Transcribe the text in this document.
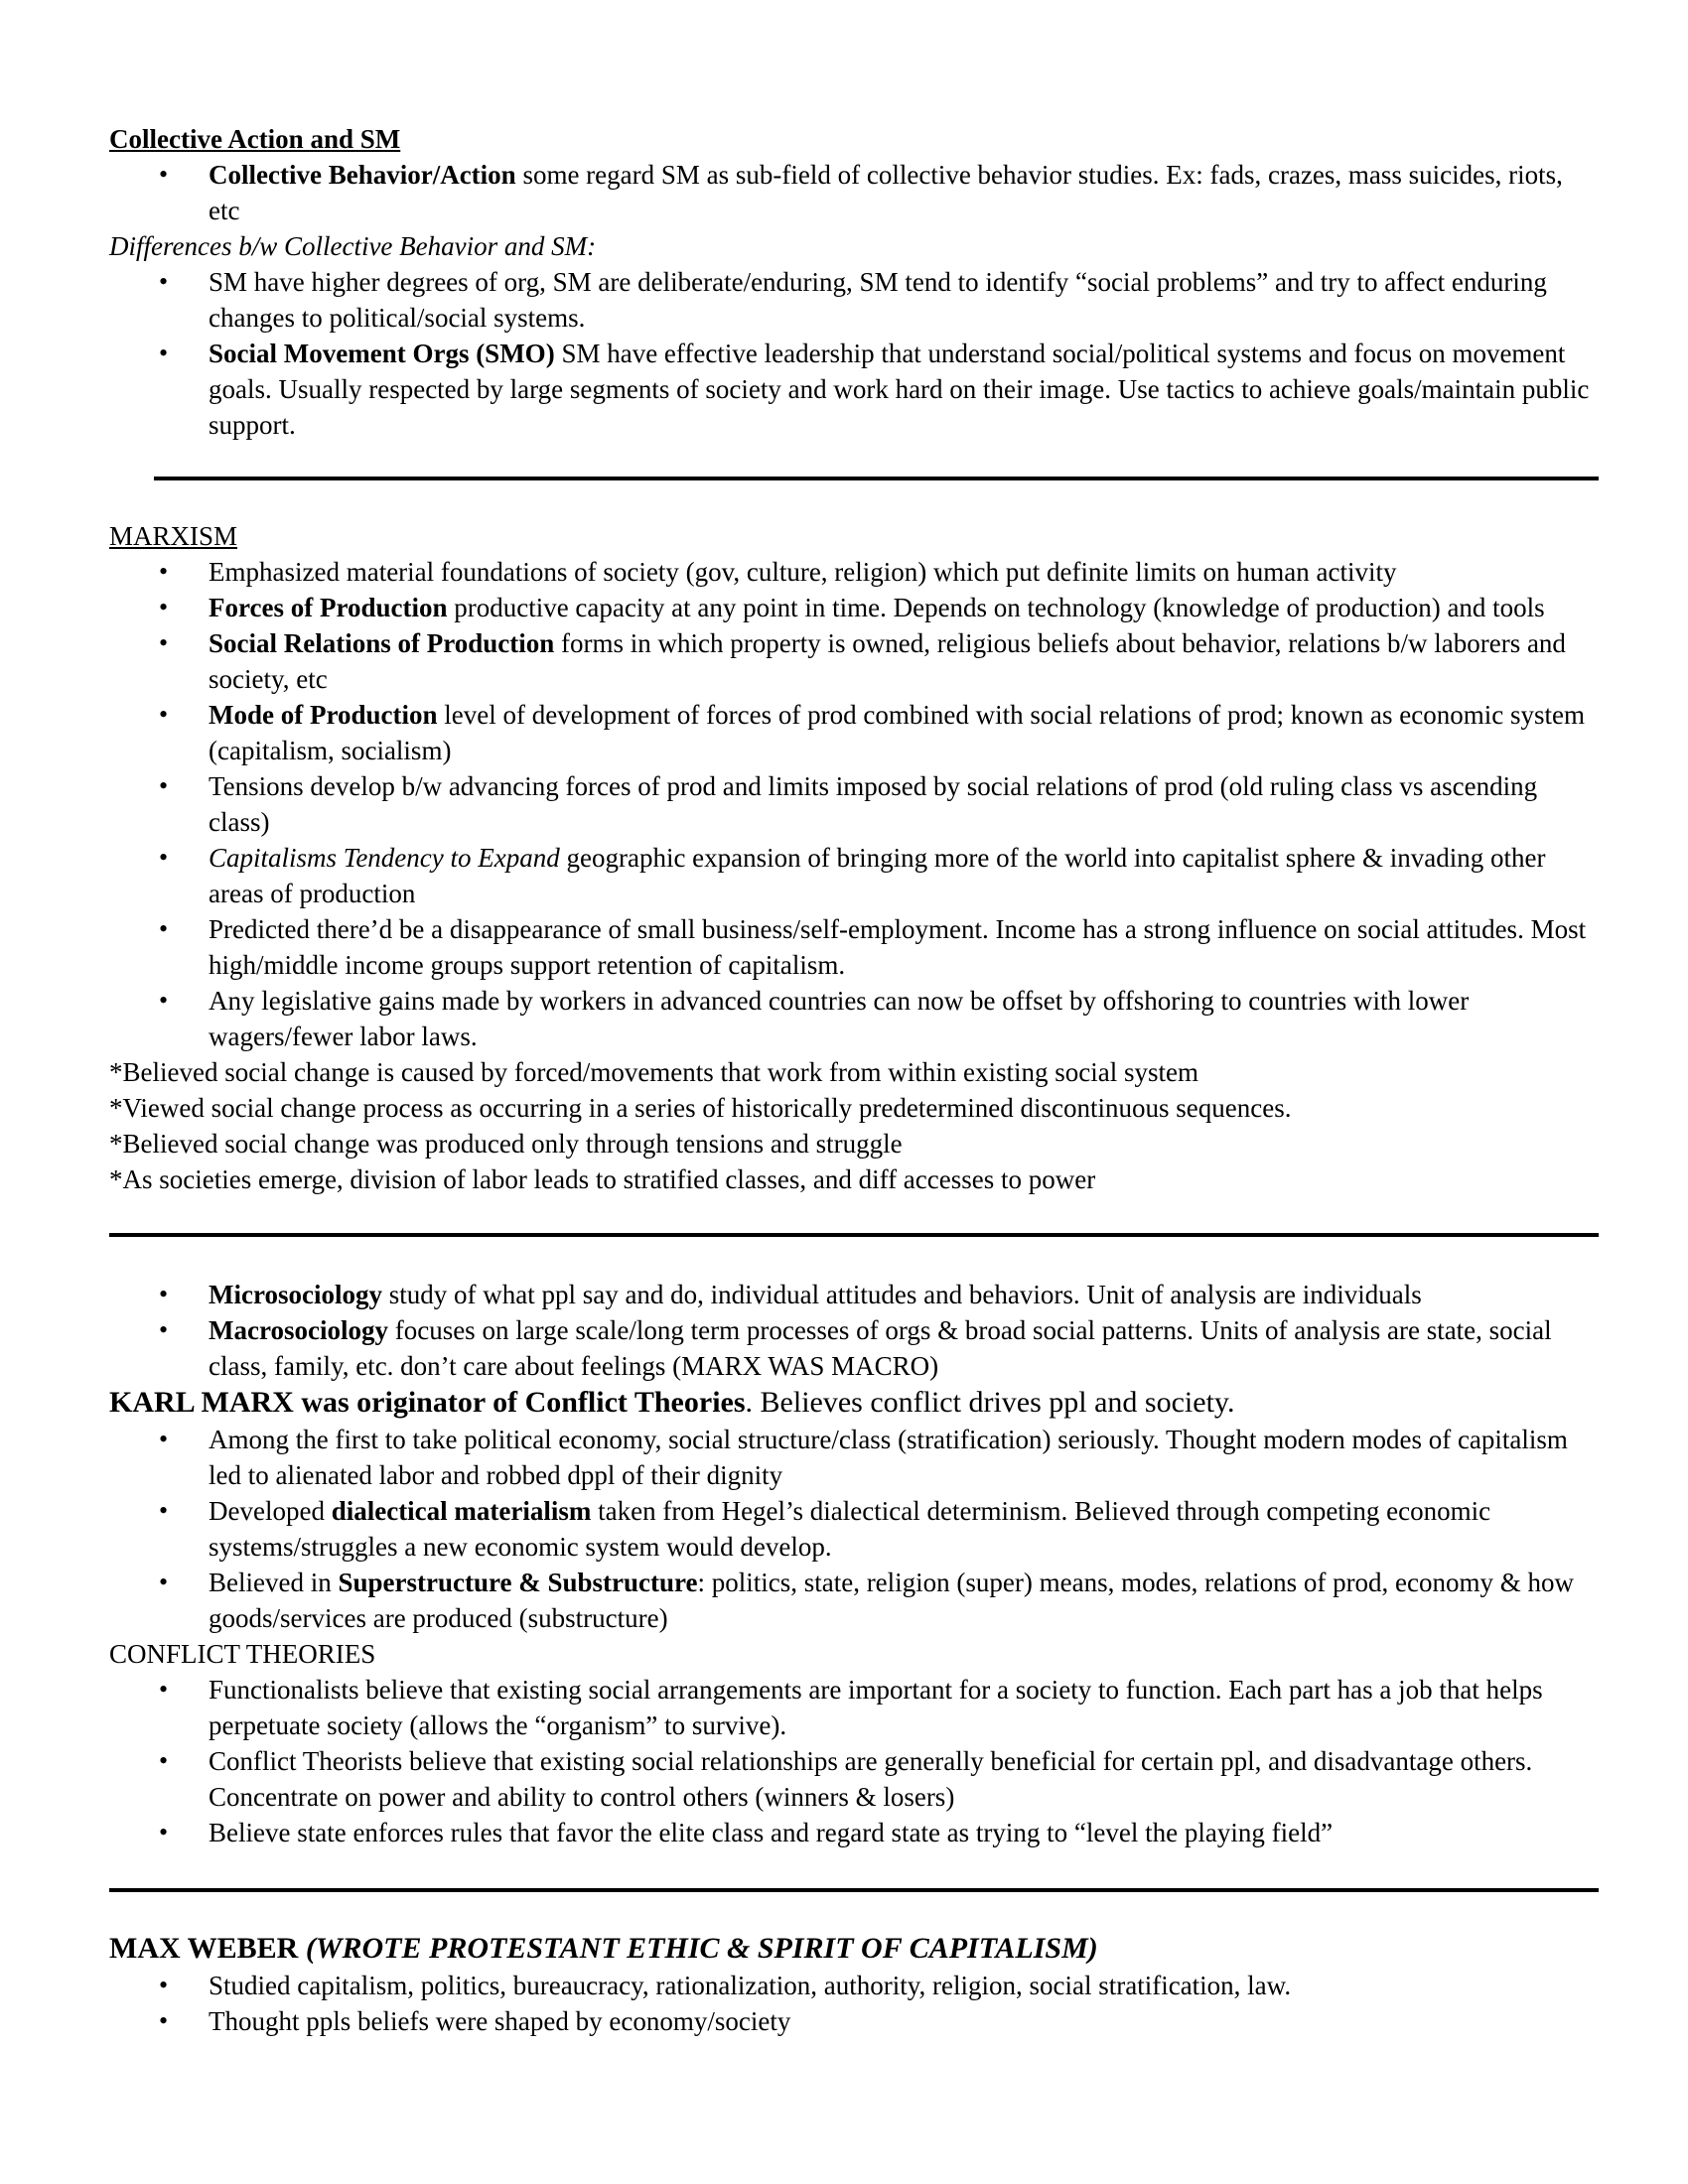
Collective Action and SM
• Collective Behavior/Action some regard SM as sub-field of collective behavior studies. Ex: fads, crazes, mass suicides, riots, etc
Differences b/w Collective Behavior and SM:
• SM have higher degrees of org, SM are deliberate/enduring, SM tend to identify “social problems” and try to affect enduring changes to political/social systems.
• Social Movement Orgs (SMO) SM have effective leadership that understand social/political systems and focus on movement goals. Usually respected by large segments of society and work hard on their image. Use tactics to achieve goals/maintain public support.
MARXISM
• Emphasized material foundations of society (gov, culture, religion) which put definite limits on human activity
• Forces of Production productive capacity at any point in time. Depends on technology (knowledge of production) and tools
• Social Relations of Production forms in which property is owned, religious beliefs about behavior, relations b/w laborers and society, etc
• Mode of Production level of development of forces of prod combined with social relations of prod; known as economic system (capitalism, socialism)
• Tensions develop b/w advancing forces of prod and limits imposed by social relations of prod (old ruling class vs ascending class)
• Capitalisms Tendency to Expand geographic expansion of bringing more of the world into capitalist sphere & invading other areas of production
• Predicted there’d be a disappearance of small business/self-employment. Income has a strong influence on social attitudes. Most high/middle income groups support retention of capitalism.
• Any legislative gains made by workers in advanced countries can now be offset by offshoring to countries with lower wagers/fewer labor laws.
*Believed social change is caused by forced/movements that work from within existing social system
*Viewed social change process as occurring in a series of historically predetermined discontinuous sequences.
*Believed social change was produced only through tensions and struggle
*As societies emerge, division of labor leads to stratified classes, and diff accesses to power
• Microsociology study of what ppl say and do, individual attitudes and behaviors. Unit of analysis are individuals
• Macrosociology focuses on large scale/long term processes of orgs & broad social patterns. Units of analysis are state, social class, family, etc. don’t care about feelings (MARX WAS MACRO)
KARL MARX was originator of Conflict Theories. Believes conflict drives ppl and society.
• Among the first to take political economy, social structure/class (stratification) seriously. Thought modern modes of capitalism led to alienated labor and robbed dppl of their dignity
• Developed dialectical materialism taken from Hegel’s dialectical determinism. Believed through competing economic systems/struggles a new economic system would develop.
• Believed in Superstructure & Substructure: politics, state, religion (super) means, modes, relations of prod, economy & how goods/services are produced (substructure)
CONFLICT THEORIES
• Functionalists believe that existing social arrangements are important for a society to function. Each part has a job that helps perpetuate society (allows the “organism” to survive).
• Conflict Theorists believe that existing social relationships are generally beneficial for certain ppl, and disadvantage others. Concentrate on power and ability to control others (winners & losers)
• Believe state enforces rules that favor the elite class and regard state as trying to “level the playing field”
MAX WEBER (WROTE PROTESTANT ETHIC & SPIRIT OF CAPITALISM)
• Studied capitalism, politics, bureaucracy, rationalization, authority, religion, social stratification, law.
• Thought ppls beliefs were shaped by economy/society
